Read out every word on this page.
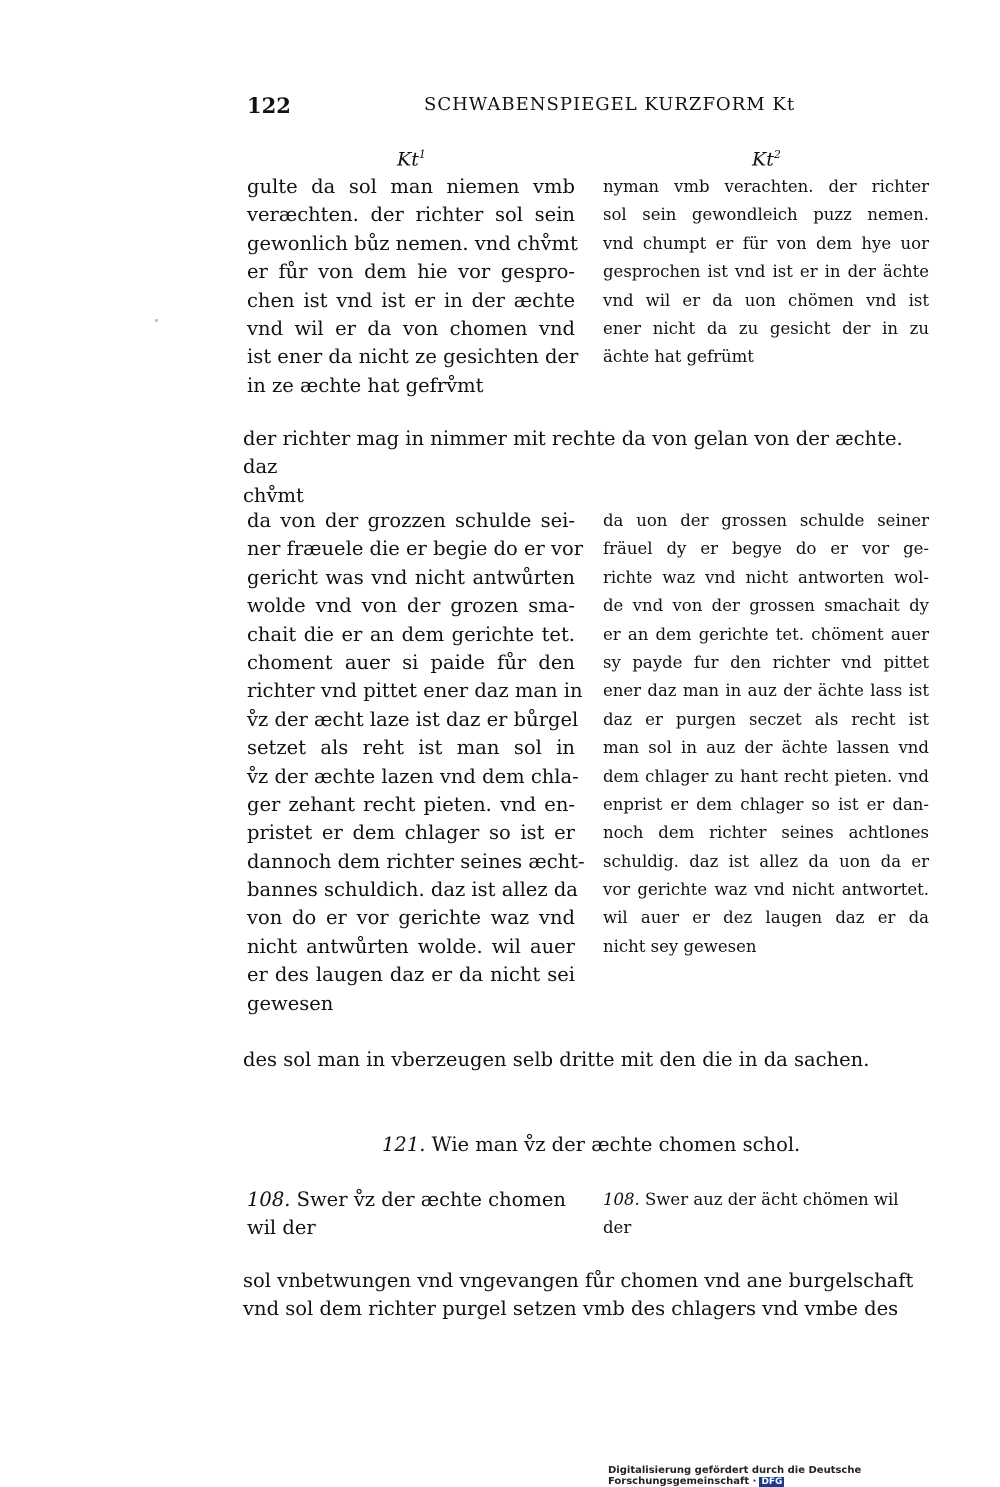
122	SCHWABENSPIEGEL KURZFORM Kt
Kt$^1$	Kt$^2$
gulte da sol man niemen vmb
veræchten. der richter sol sein
gewonlich bůz nemen. vnd chv̊mt
er fůr von dem hie vor gespro-
chen ist vnd ist er in der æchte
vnd wil er da von chomen vnd
ist ener da nicht ze gesichten der
in ze æchte hat gefrv̊mt
nyman vmb verachten. der richter
sol sein gewondleich puzz nemen.
vnd chumpt er für von dem hye uor
gesprochen ist vnd ist er in der ächte
vnd wil er da uon chömen vnd ist
ener nicht da zu gesicht der in zu
ächte hat gefrümt
der richter mag in nimmer mit rechte da von gelan von der æchte. daz
chv̊mt
da von der grozzen schulde sei-
ner fræuele die er begie do er vor
gericht was vnd nicht antwůrten
wolde vnd von der grozen sma-
chait die er an dem gerichte tet.
choment auer si paide fůr den
richter vnd pittet ener daz man in
v̊z der æcht laze ist daz er bůrgel
setzet als reht ist man sol in
v̊z der æchte lazen vnd dem chla-
ger zehant recht pieten. vnd en-
pristet er dem chlager so ist er
dannoch dem richter seines æcht-
bannes schuldich. daz ist allez da
von do er vor gerichte waz vnd
nicht antwůrten wolde. wil auer
er des laugen daz er da nicht sei
gewesen
da uon der grossen schulde seiner
fräuel dy er begye do er vor ge-
richte waz vnd nicht antworten wol-
de vnd von der grossen smachait dy
er an dem gerichte tet. chöment auer
sy payde fur den richter vnd pittet
ener daz man in auz der ächte lass ist
daz er purgen seczet als recht ist
man sol in auz der ächte lassen vnd
dem chlager zu hant recht pieten. vnd
enprist er dem chlager so ist er dan-
noch dem richter seines achtlones
schuldig. daz ist allez da uon da er
vor gerichte waz vnd nicht antwortet.
wil auer er dez laugen daz er da
nicht sey gewesen
des sol man in vberzeugen selb dritte mit den die in da sachen.
121. Wie man v̊z der æchte chomen schol.
108. Swer v̊z der æchte chomen
wil der
108. Swer auz der ächt chömen wil
der
sol vnbetwungen vnd vngevangen fůr chomen vnd ane burgelschaft
vnd sol dem richter purgel setzen vmb des chlagers vnd vmbe des
Digitalisierung gefördert durch die Deutsche Forschungsgemeinschaft · DFG
